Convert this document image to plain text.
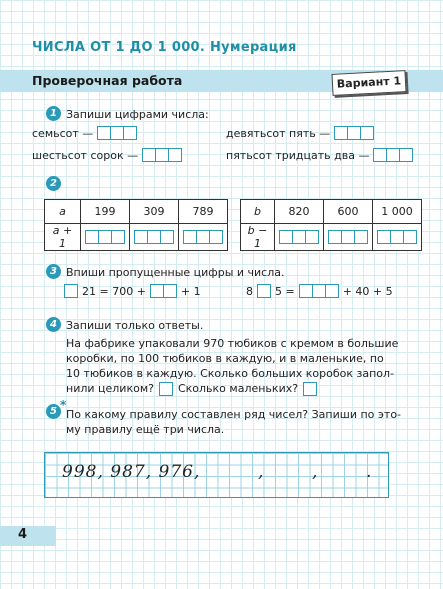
ЧИСЛА ОТ 1 ДО 1 000. Нумерация
Проверочная работа	Вариант 1
1 Запиши цифрами числа:
семьсот —	девятьсот пять —
шестьсот сорок —	пятьсот тридцать два —
2
a	199	309	789
a + 1	

b	820	600	1 000
b − 1	

3 Впиши пропущенные цифры и числа.
21 = 700 +	+ 1	8 5 =	+ 40 + 5
4 Запиши только ответы.
На фабрике упаковали 970 тюбиков с кремом в большие
коробки, по 100 тюбиков в каждую, и в маленькие, по
10 тюбиков в каждую. Сколько больших коробок запол-
нили целиком? Сколько маленьких?
5 *
По какому правилу составлен ряд чисел? Запиши по это-
му правилу ещё три числа.
998, 987, 976,	,	,	.
4
